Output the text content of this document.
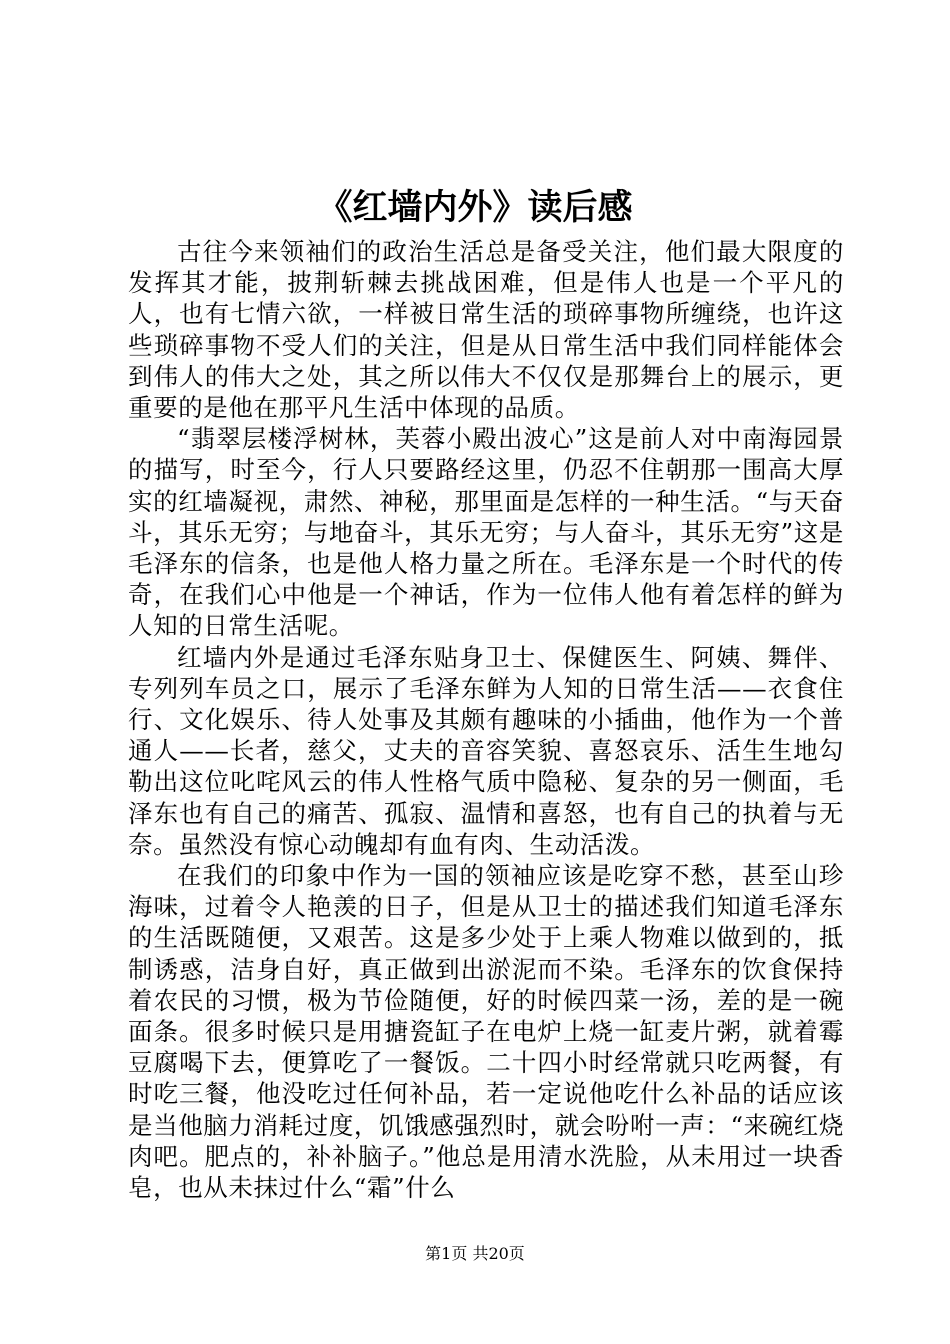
《红墙内外》读后感

古往今来领袖们的政治生活总是备受关注，他们最大限度的发挥其才能，披荆斩棘去挑战困难，但是伟人也是一个平凡的人，也有七情六欲，一样被日常生活的琐碎事物所缠绕，也许这些琐碎事物不受人们的关注，但是从日常生活中我们同样能体会到伟人的伟大之处，其之所以伟大不仅仅是那舞台上的展示，更重要的是他在那平凡生活中体现的品质。

“翡翠层楼浮树林，芙蓉小殿出波心”这是前人对中南海园景的描写，时至今，行人只要路经这里，仍忍不住朝那一围高大厚实的红墙凝视，肃然、神秘，那里面是怎样的一种生活。“与天奋斗，其乐无穷；与地奋斗，其乐无穷；与人奋斗，其乐无穷”这是毛泽东的信条，也是他人格力量之所在。毛泽东是一个时代的传奇，在我们心中他是一个神话，作为一位伟人他有着怎样的鲜为人知的日常生活呢。

红墙内外是通过毛泽东贴身卫士、保健医生、阿姨、舞伴、专列列车员之口，展示了毛泽东鲜为人知的日常生活——衣食住行、文化娱乐、待人处事及其颇有趣味的小插曲，他作为一个普通人——长者，慈父，丈夫的音容笑貌、喜怒哀乐、活生生地勾勒出这位叱咤风云的伟人性格气质中隐秘、复杂的另一侧面，毛泽东也有自己的痛苦、孤寂、温情和喜怒，也有自己的执着与无奈。虽然没有惊心动魄却有血有肉、生动活泼。

在我们的印象中作为一国的领袖应该是吃穿不愁，甚至山珍海味，过着令人艳羡的日子，但是从卫士的描述我们知道毛泽东的生活既随便，又艰苦。这是多少处于上乘人物难以做到的，抵制诱惑，洁身自好，真正做到出淤泥而不染。毛泽东的饮食保持着农民的习惯，极为节俭随便，好的时候四菜一汤，差的是一碗面条。很多时候只是用搪瓷缸子在电炉上烧一缸麦片粥，就着霉豆腐喝下去，便算吃了一餐饭。二十四小时经常就只吃两餐，有时吃三餐，他没吃过任何补品，若一定说他吃什么补品的话应该是当他脑力消耗过度，饥饿感强烈时，就会吩咐一声：“来碗红烧肉吧。肥点的，补补脑子。”他总是用清水洗脸，从未用过一块香皂，也从未抹过什么“霜”什么

第1页 共20页
